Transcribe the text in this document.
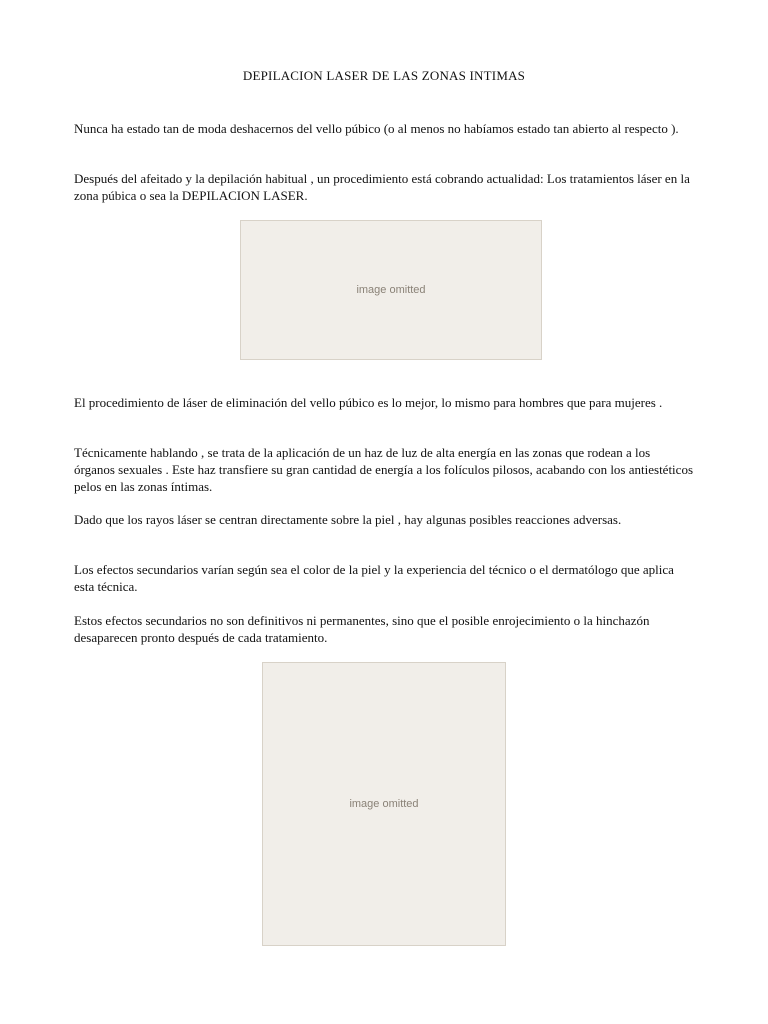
DEPILACION LASER DE LAS ZONAS INTIMAS
Nunca ha estado tan de moda deshacernos del vello púbico (o al menos no habíamos estado tan abierto al respecto ).
Después del afeitado y la depilación habitual , un procedimiento está cobrando actualidad: Los tratamientos láser en la zona púbica o sea la DEPILACION LASER.
image omitted
El procedimiento de láser de eliminación del vello púbico es lo mejor, lo mismo para hombres que para mujeres .
Técnicamente hablando , se trata de la aplicación de un haz de luz de alta energía en las zonas que rodean a los órganos sexuales . Este haz transfiere su gran cantidad de energía a los folículos pilosos, acabando con los antiestéticos pelos en las zonas íntimas.
Dado que los rayos láser se centran directamente sobre la piel , hay algunas posibles reacciones adversas.
Los efectos secundarios varían según sea el color de la piel y la experiencia del técnico o el dermatólogo que aplica esta técnica.
Estos efectos secundarios no son definitivos ni permanentes, sino que el posible enrojecimiento o la hinchazón desaparecen pronto después de cada tratamiento.
image omitted
